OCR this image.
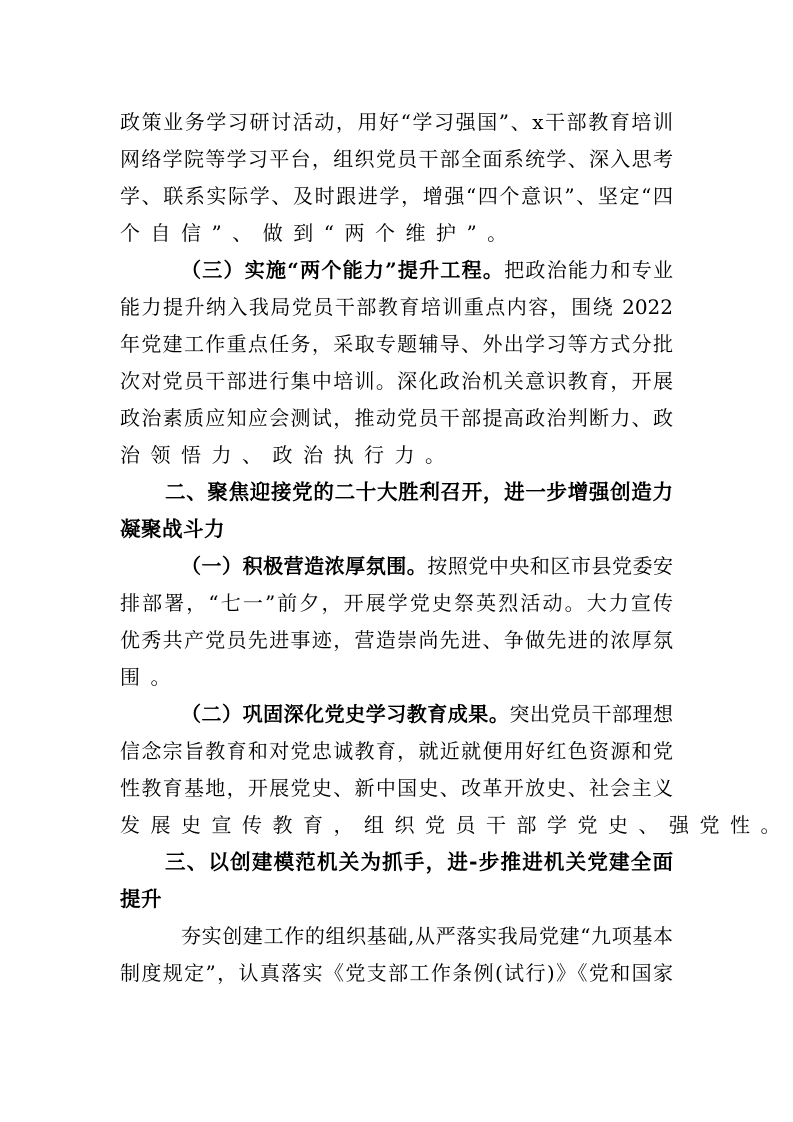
政策业务学习研讨活动，用好“学习强国”、x干部教育培训
网络学院等学习平台，组织党员干部全面系统学、深入思考
学、联系实际学、及时跟进学，增强“四个意识”、坚定“四
个自信”、做到“两个维护”。
（三）实施“两个能力”提升工程。把政治能力和专业
能力提升纳入我局党员干部教育培训重点内容，围绕 2022
年党建工作重点任务，采取专题辅导、外出学习等方式分批
次对党员干部进行集中培训。深化政治机关意识教育，开展
政治素质应知应会测试，推动党员干部提高政治判断力、政
治领悟力、政治执行力。
二、聚焦迎接党的二十大胜利召开，进一步增强创造力
凝聚战斗力
（一）积极营造浓厚氛围。按照党中央和区市县党委安
排部署，“七一”前夕，开展学党史祭英烈活动。大力宣传
优秀共产党员先进事迹，营造崇尚先进、争做先进的浓厚氛
围。
（二）巩固深化党史学习教育成果。突出党员干部理想
信念宗旨教育和对党忠诚教育，就近就便用好红色资源和党
性教育基地，开展党史、新中国史、改革开放史、社会主义
发展史宣传教育，组织党员干部学党史、强党性。
三、以创建模范机关为抓手，进-步推进机关党建全面
提升
夯实创建工作的组织基础,从严落实我局党建“九项基本
制度规定”，认真落实《党支部工作条例(试行)》《党和国家
